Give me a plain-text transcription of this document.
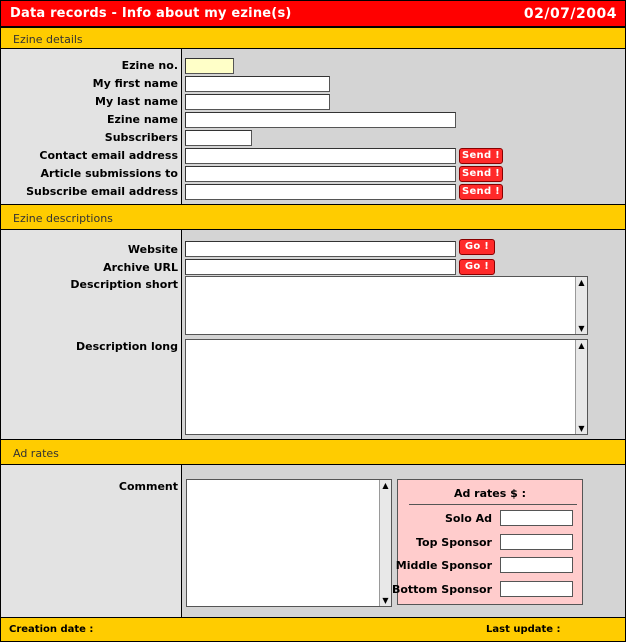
Data records - Info about my ezine(s)	02/07/2004
Ezine details
Ezine no.
My first name
My last name
Ezine name
Subscribers
Contact email address	Send !
Article submissions to	Send !
Subscribe email address	Send !
Ezine descriptions
Website	Go !
Archive URL	Go !
Description short	▲
▼
Description long	▲
▼
Ad rates
Comment	▲
▼
Ad rates $ :
Solo Ad
Top Sponsor
Middle Sponsor
Bottom Sponsor
Creation date :	Last update :
